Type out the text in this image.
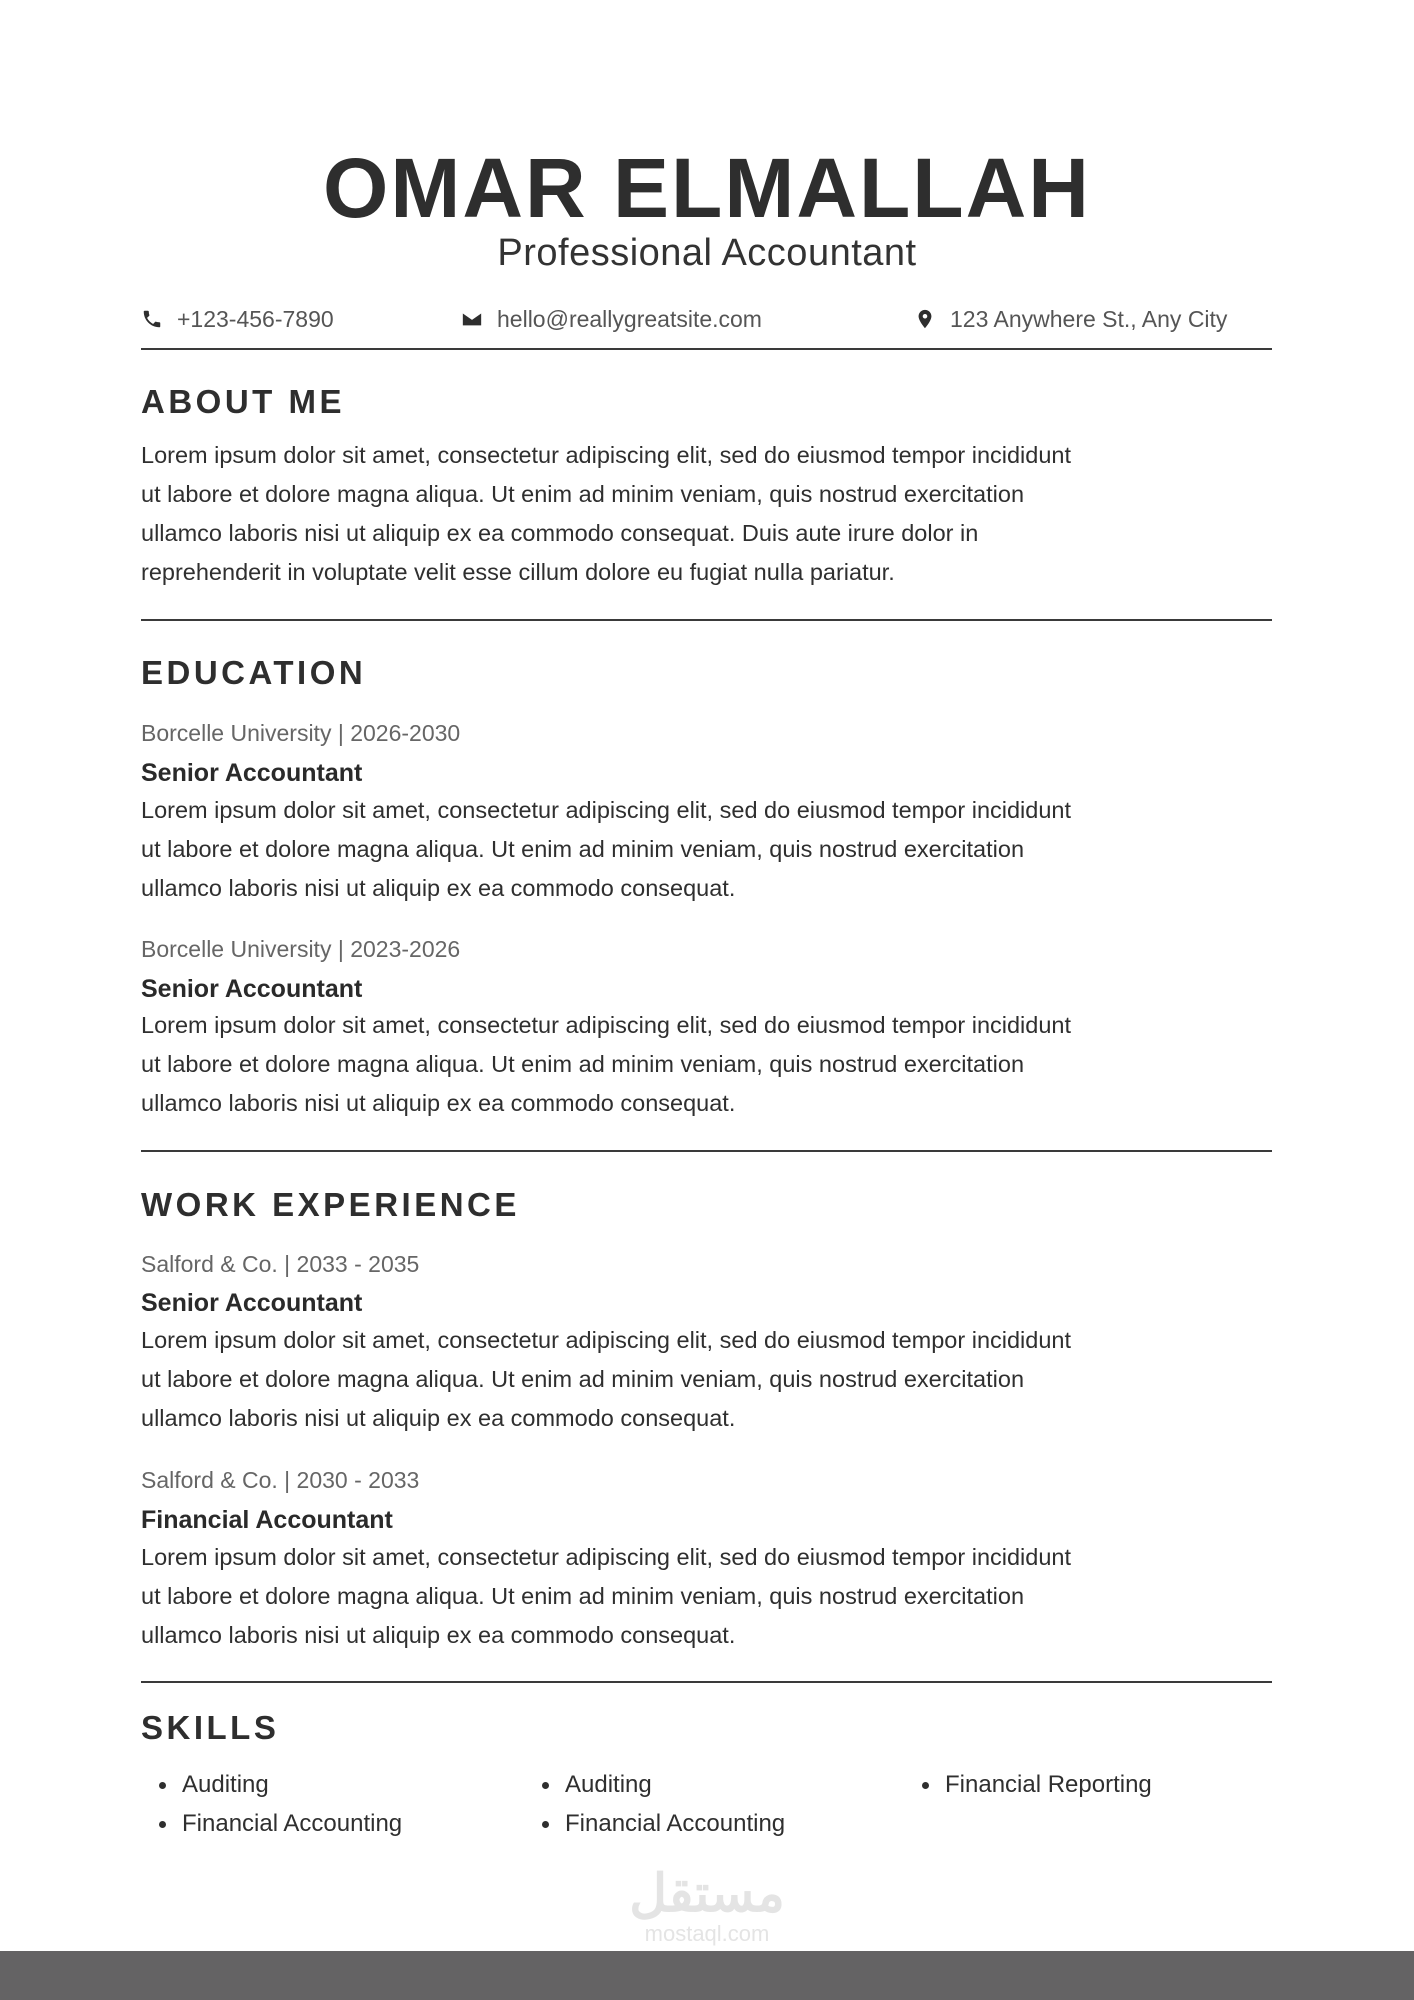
OMAR ELMALLAH
Professional Accountant
+123-456-7890	hello@reallygreatsite.com	123 Anywhere St., Any City
ABOUT ME
Lorem ipsum dolor sit amet, consectetur adipiscing elit, sed do eiusmod tempor incididunt
ut labore et dolore magna aliqua. Ut enim ad minim veniam, quis nostrud exercitation
ullamco laboris nisi ut aliquip ex ea commodo consequat. Duis aute irure dolor in
reprehenderit in voluptate velit esse cillum dolore eu fugiat nulla pariatur.
EDUCATION
Borcelle University | 2026-2030
Senior Accountant
Lorem ipsum dolor sit amet, consectetur adipiscing elit, sed do eiusmod tempor incididunt
ut labore et dolore magna aliqua. Ut enim ad minim veniam, quis nostrud exercitation
ullamco laboris nisi ut aliquip ex ea commodo consequat.
Borcelle University | 2023-2026
Senior Accountant
Lorem ipsum dolor sit amet, consectetur adipiscing elit, sed do eiusmod tempor incididunt
ut labore et dolore magna aliqua. Ut enim ad minim veniam, quis nostrud exercitation
ullamco laboris nisi ut aliquip ex ea commodo consequat.
WORK EXPERIENCE
Salford & Co. | 2033 - 2035
Senior Accountant
Lorem ipsum dolor sit amet, consectetur adipiscing elit, sed do eiusmod tempor incididunt
ut labore et dolore magna aliqua. Ut enim ad minim veniam, quis nostrud exercitation
ullamco laboris nisi ut aliquip ex ea commodo consequat.
Salford & Co. | 2030 - 2033
Financial Accountant
Lorem ipsum dolor sit amet, consectetur adipiscing elit, sed do eiusmod tempor incididunt
ut labore et dolore magna aliqua. Ut enim ad minim veniam, quis nostrud exercitation
ullamco laboris nisi ut aliquip ex ea commodo consequat.
SKILLS
Auditing
Financial Accounting
Auditing
Financial Accounting
Financial Reporting
مستقل
mostaql.com
